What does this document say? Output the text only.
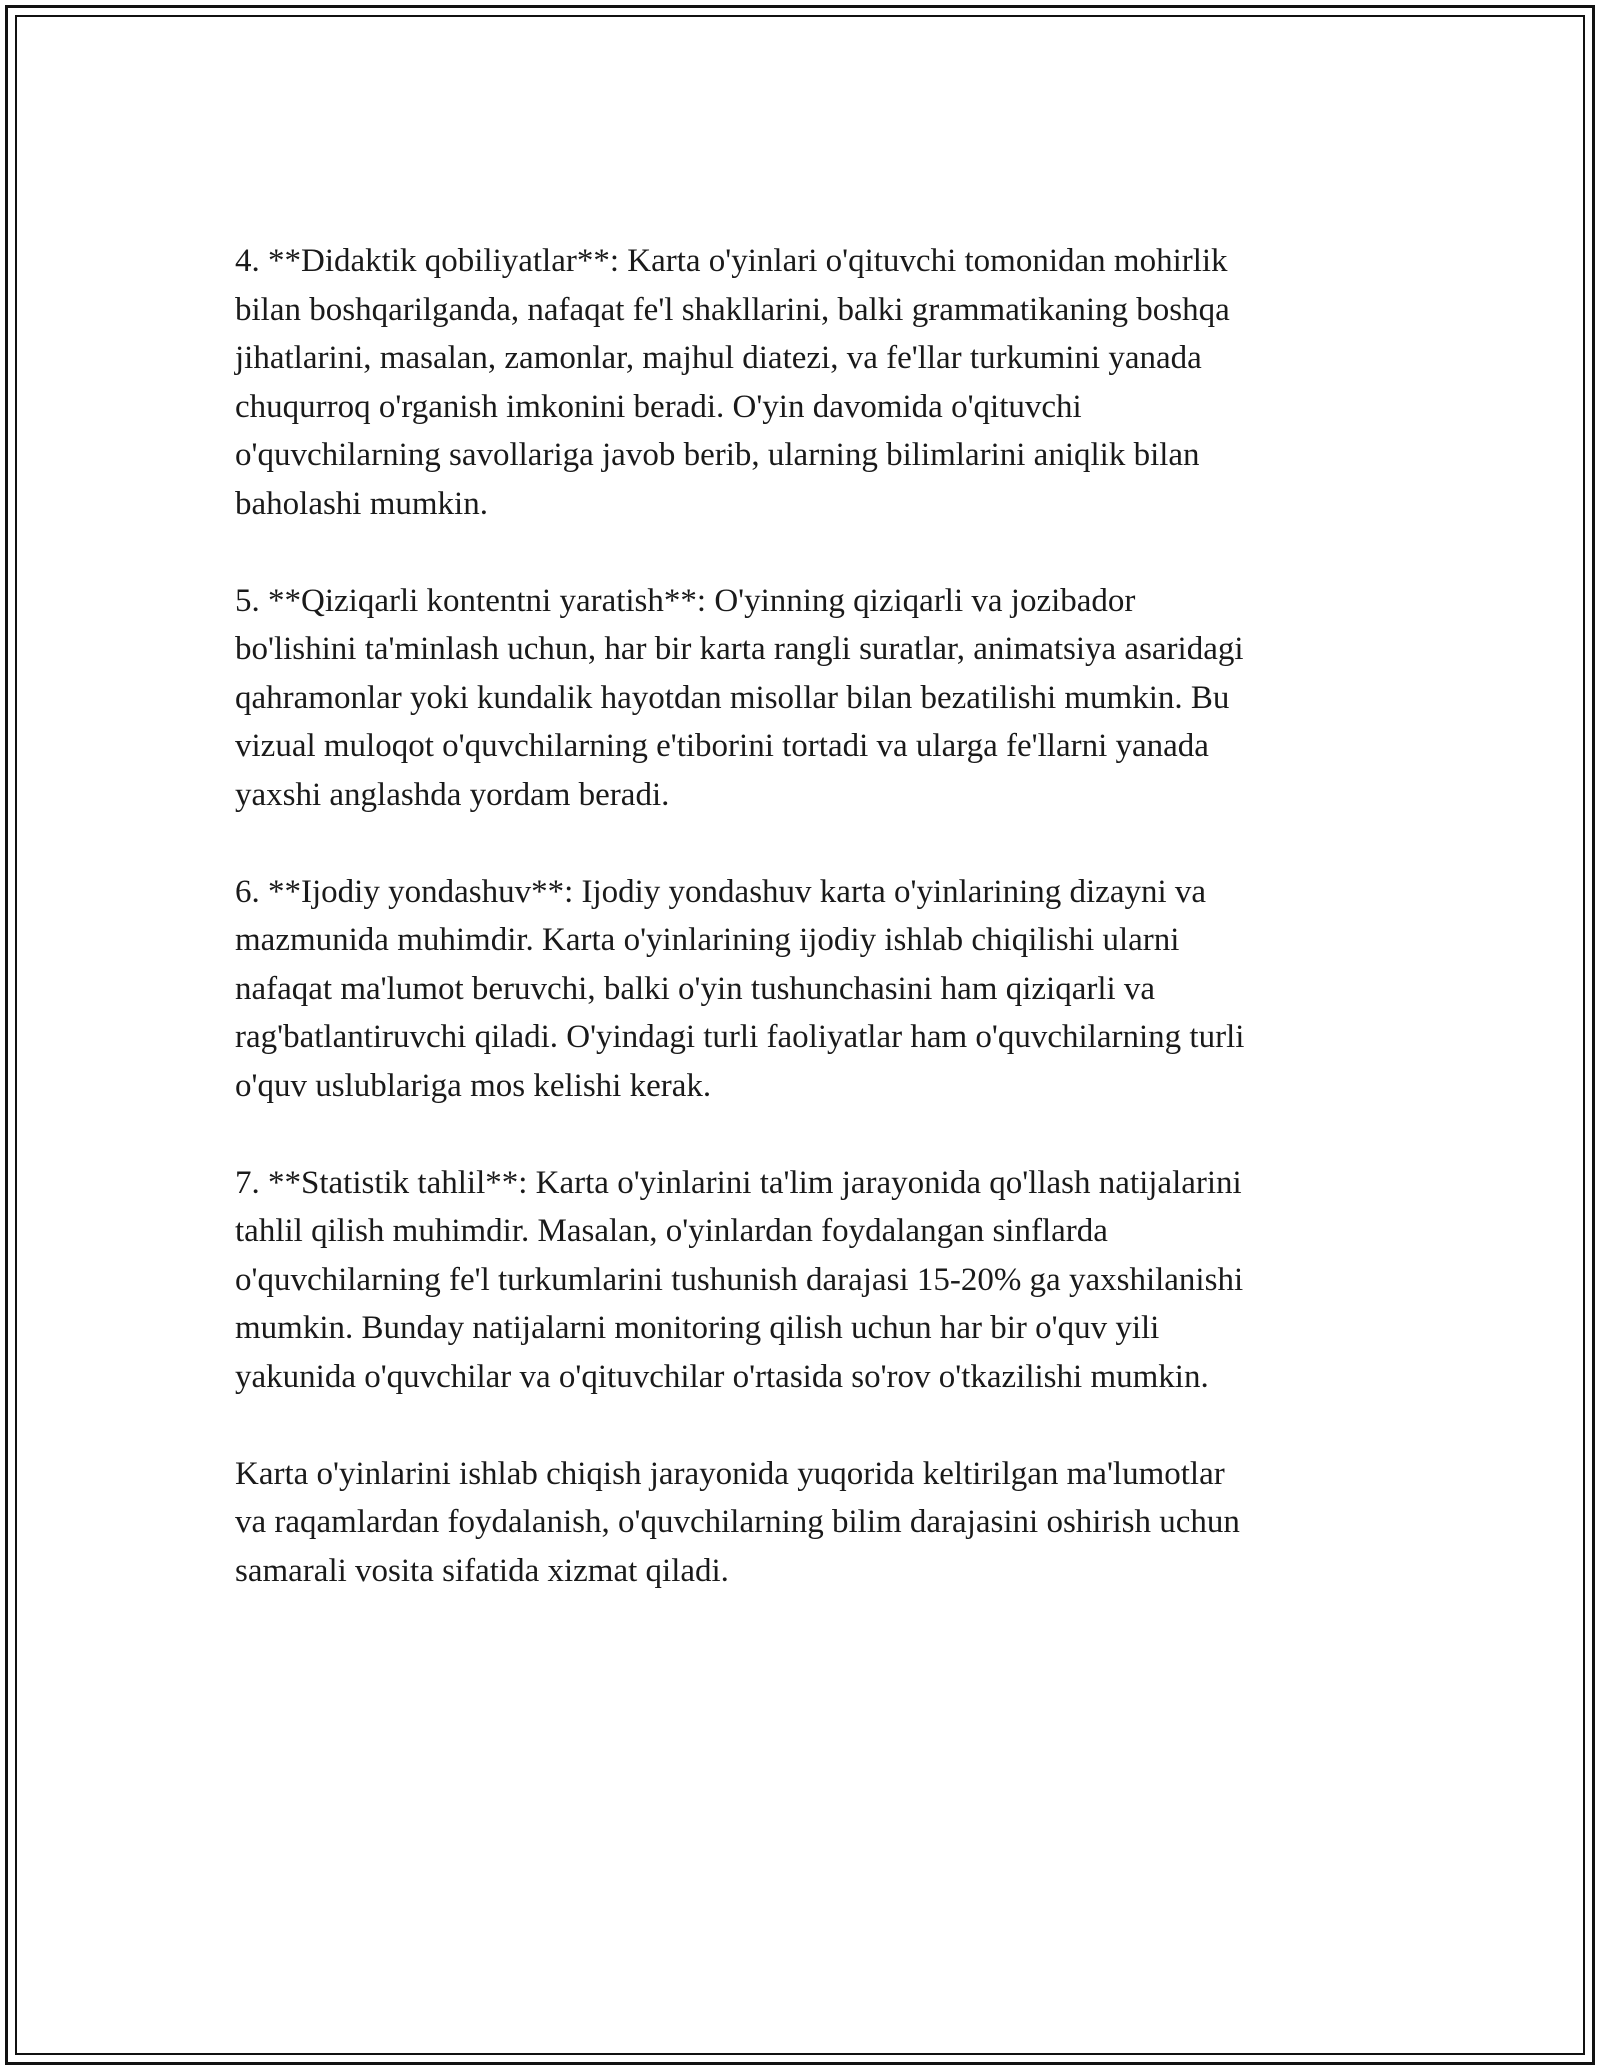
4. **Didaktik qobiliyatlar**: Karta o'yinlari o'qituvchi tomonidan mohirlik
bilan boshqarilganda, nafaqat fe'l shakllarini, balki grammatikaning boshqa
jihatlarini, masalan, zamonlar, majhul diatezi, va fe'llar turkumini yanada
chuqurroq o'rganish imkonini beradi. O'yin davomida o'qituvchi
o'quvchilarning savollariga javob berib, ularning bilimlarini aniqlik bilan
baholashi mumkin.

5. **Qiziqarli kontentni yaratish**: O'yinning qiziqarli va jozibador
bo'lishini ta'minlash uchun, har bir karta rangli suratlar, animatsiya asaridagi
qahramonlar yoki kundalik hayotdan misollar bilan bezatilishi mumkin. Bu
vizual muloqot o'quvchilarning e'tiborini tortadi va ularga fe'llarni yanada
yaxshi anglashda yordam beradi.

6. **Ijodiy yondashuv**: Ijodiy yondashuv karta o'yinlarining dizayni va
mazmunida muhimdir. Karta o'yinlarining ijodiy ishlab chiqilishi ularni
nafaqat ma'lumot beruvchi, balki o'yin tushunchasini ham qiziqarli va
rag'batlantiruvchi qiladi. O'yindagi turli faoliyatlar ham o'quvchilarning turli
o'quv uslublariga mos kelishi kerak.

7. **Statistik tahlil**: Karta o'yinlarini ta'lim jarayonida qo'llash natijalarini
tahlil qilish muhimdir. Masalan, o'yinlardan foydalangan sinflarda
o'quvchilarning fe'l turkumlarini tushunish darajasi 15-20% ga yaxshilanishi
mumkin. Bunday natijalarni monitoring qilish uchun har bir o'quv yili
yakunida o'quvchilar va o'qituvchilar o'rtasida so'rov o'tkazilishi mumkin.

Karta o'yinlarini ishlab chiqish jarayonida yuqorida keltirilgan ma'lumotlar
va raqamlardan foydalanish, o'quvchilarning bilim darajasini oshirish uchun
samarali vosita sifatida xizmat qiladi.
